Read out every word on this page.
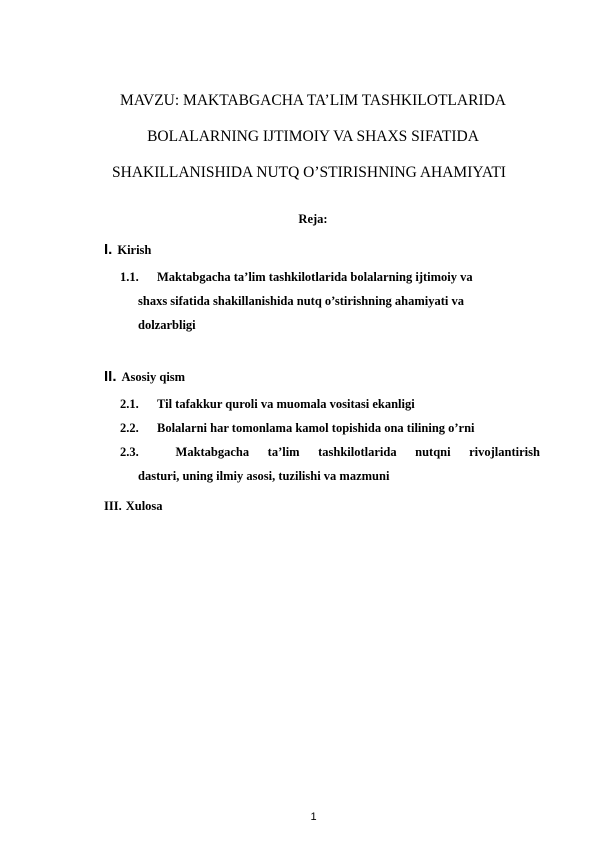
MAVZU: MAKTABGACHA TA’LIM TASHKILOTLARIDA
BOLALARNING IJTIMOIY VA SHAXS SIFATIDA
SHAKILLANISHIDA NUTQ O’STIRISHNING AHAMIYATI
Reja:
I. Kirish
1.1. Maktabgacha ta’lim tashkilotlarida bolalarning ijtimoiy va
shaxs sifatida shakillanishida nutq o’stirishning ahamiyati va
dolzarbligi
II. Asosiy qism
2.1. Til tafakkur quroli va muomala vositasi ekanligi
2.2. Bolalarni har tomonlama kamol topishida ona tilining o’rni
2.3.	Maktabgacha ta’lim tashkilotlarida nutqni rivojlantirish
dasturi, uning ilmiy asosi, tuzilishi va mazmuni
III. Xulosa
1
